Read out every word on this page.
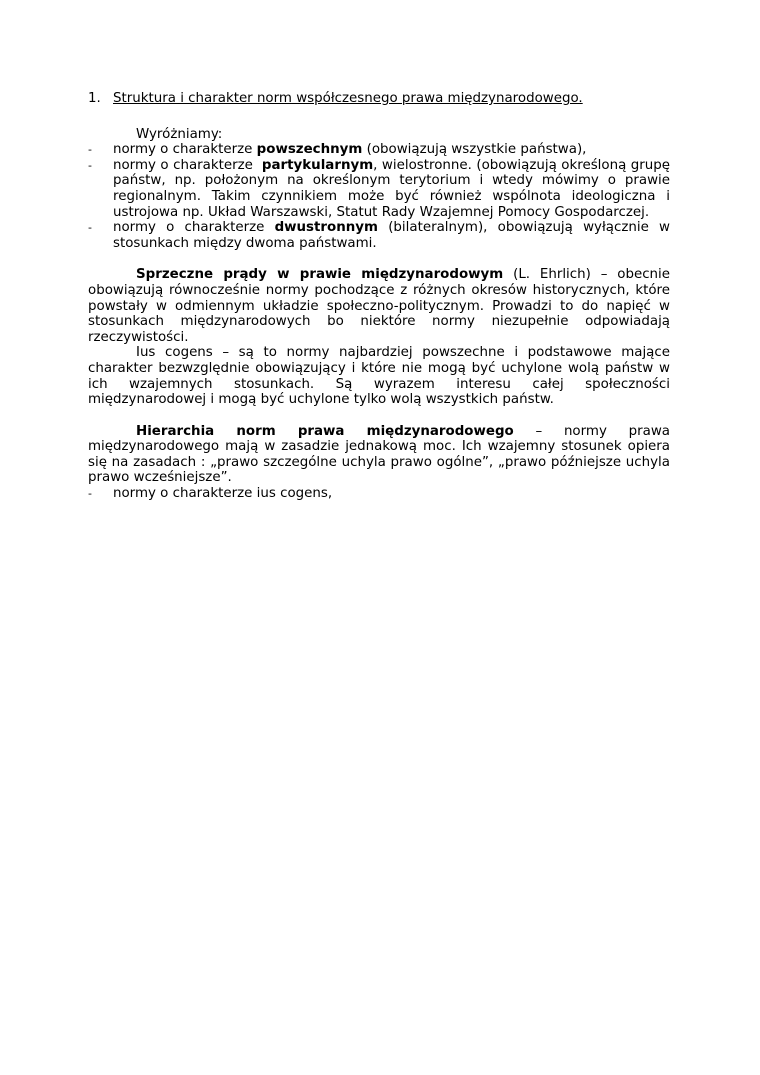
1. Struktura i charakter norm współczesnego prawa międzynarodowego.

Wyróżniamy:

- normy o charakterze powszechnym (obowiązują wszystkie państwa),
- normy o charakterze  partykularnym, wielostronne. (obowiązują określoną grupę państw, np. położonym na określonym terytorium i wtedy mówimy o prawie regionalnym. Takim czynnikiem może być również wspólnota ideologiczna i ustrojowa np. Układ Warszawski, Statut Rady Wzajemnej Pomocy Gospodarczej.
- normy o charakterze dwustronnym (bilateralnym), obowiązują wyłącznie w stosunkach między dwoma państwami.

Sprzeczne prądy w prawie międzynarodowym (L. Ehrlich) – obecnie obowiązują równocześnie normy pochodzące z różnych okresów historycznych, które powstały w odmiennym układzie społeczno-politycznym. Prowadzi to do napięć w stosunkach międzynarodowych bo niektóre normy niezupełnie odpowiadają rzeczywistości.

Ius cogens – są to normy najbardziej powszechne i podstawowe mające charakter bezwzględnie obowiązujący i które nie mogą być uchylone wolą państw w ich wzajemnych stosunkach. Są wyrazem interesu całej społeczności międzynarodowej i mogą być uchylone tylko wolą wszystkich państw.

Hierarchia norm prawa międzynarodowego – normy prawa międzynarodowego mają w zasadzie jednakową moc. Ich wzajemny stosunek opiera się na zasadach : „prawo szczególne uchyla prawo ogólne”, „prawo późniejsze uchyla prawo wcześniejsze”.

- normy o charakterze ius cogens,
